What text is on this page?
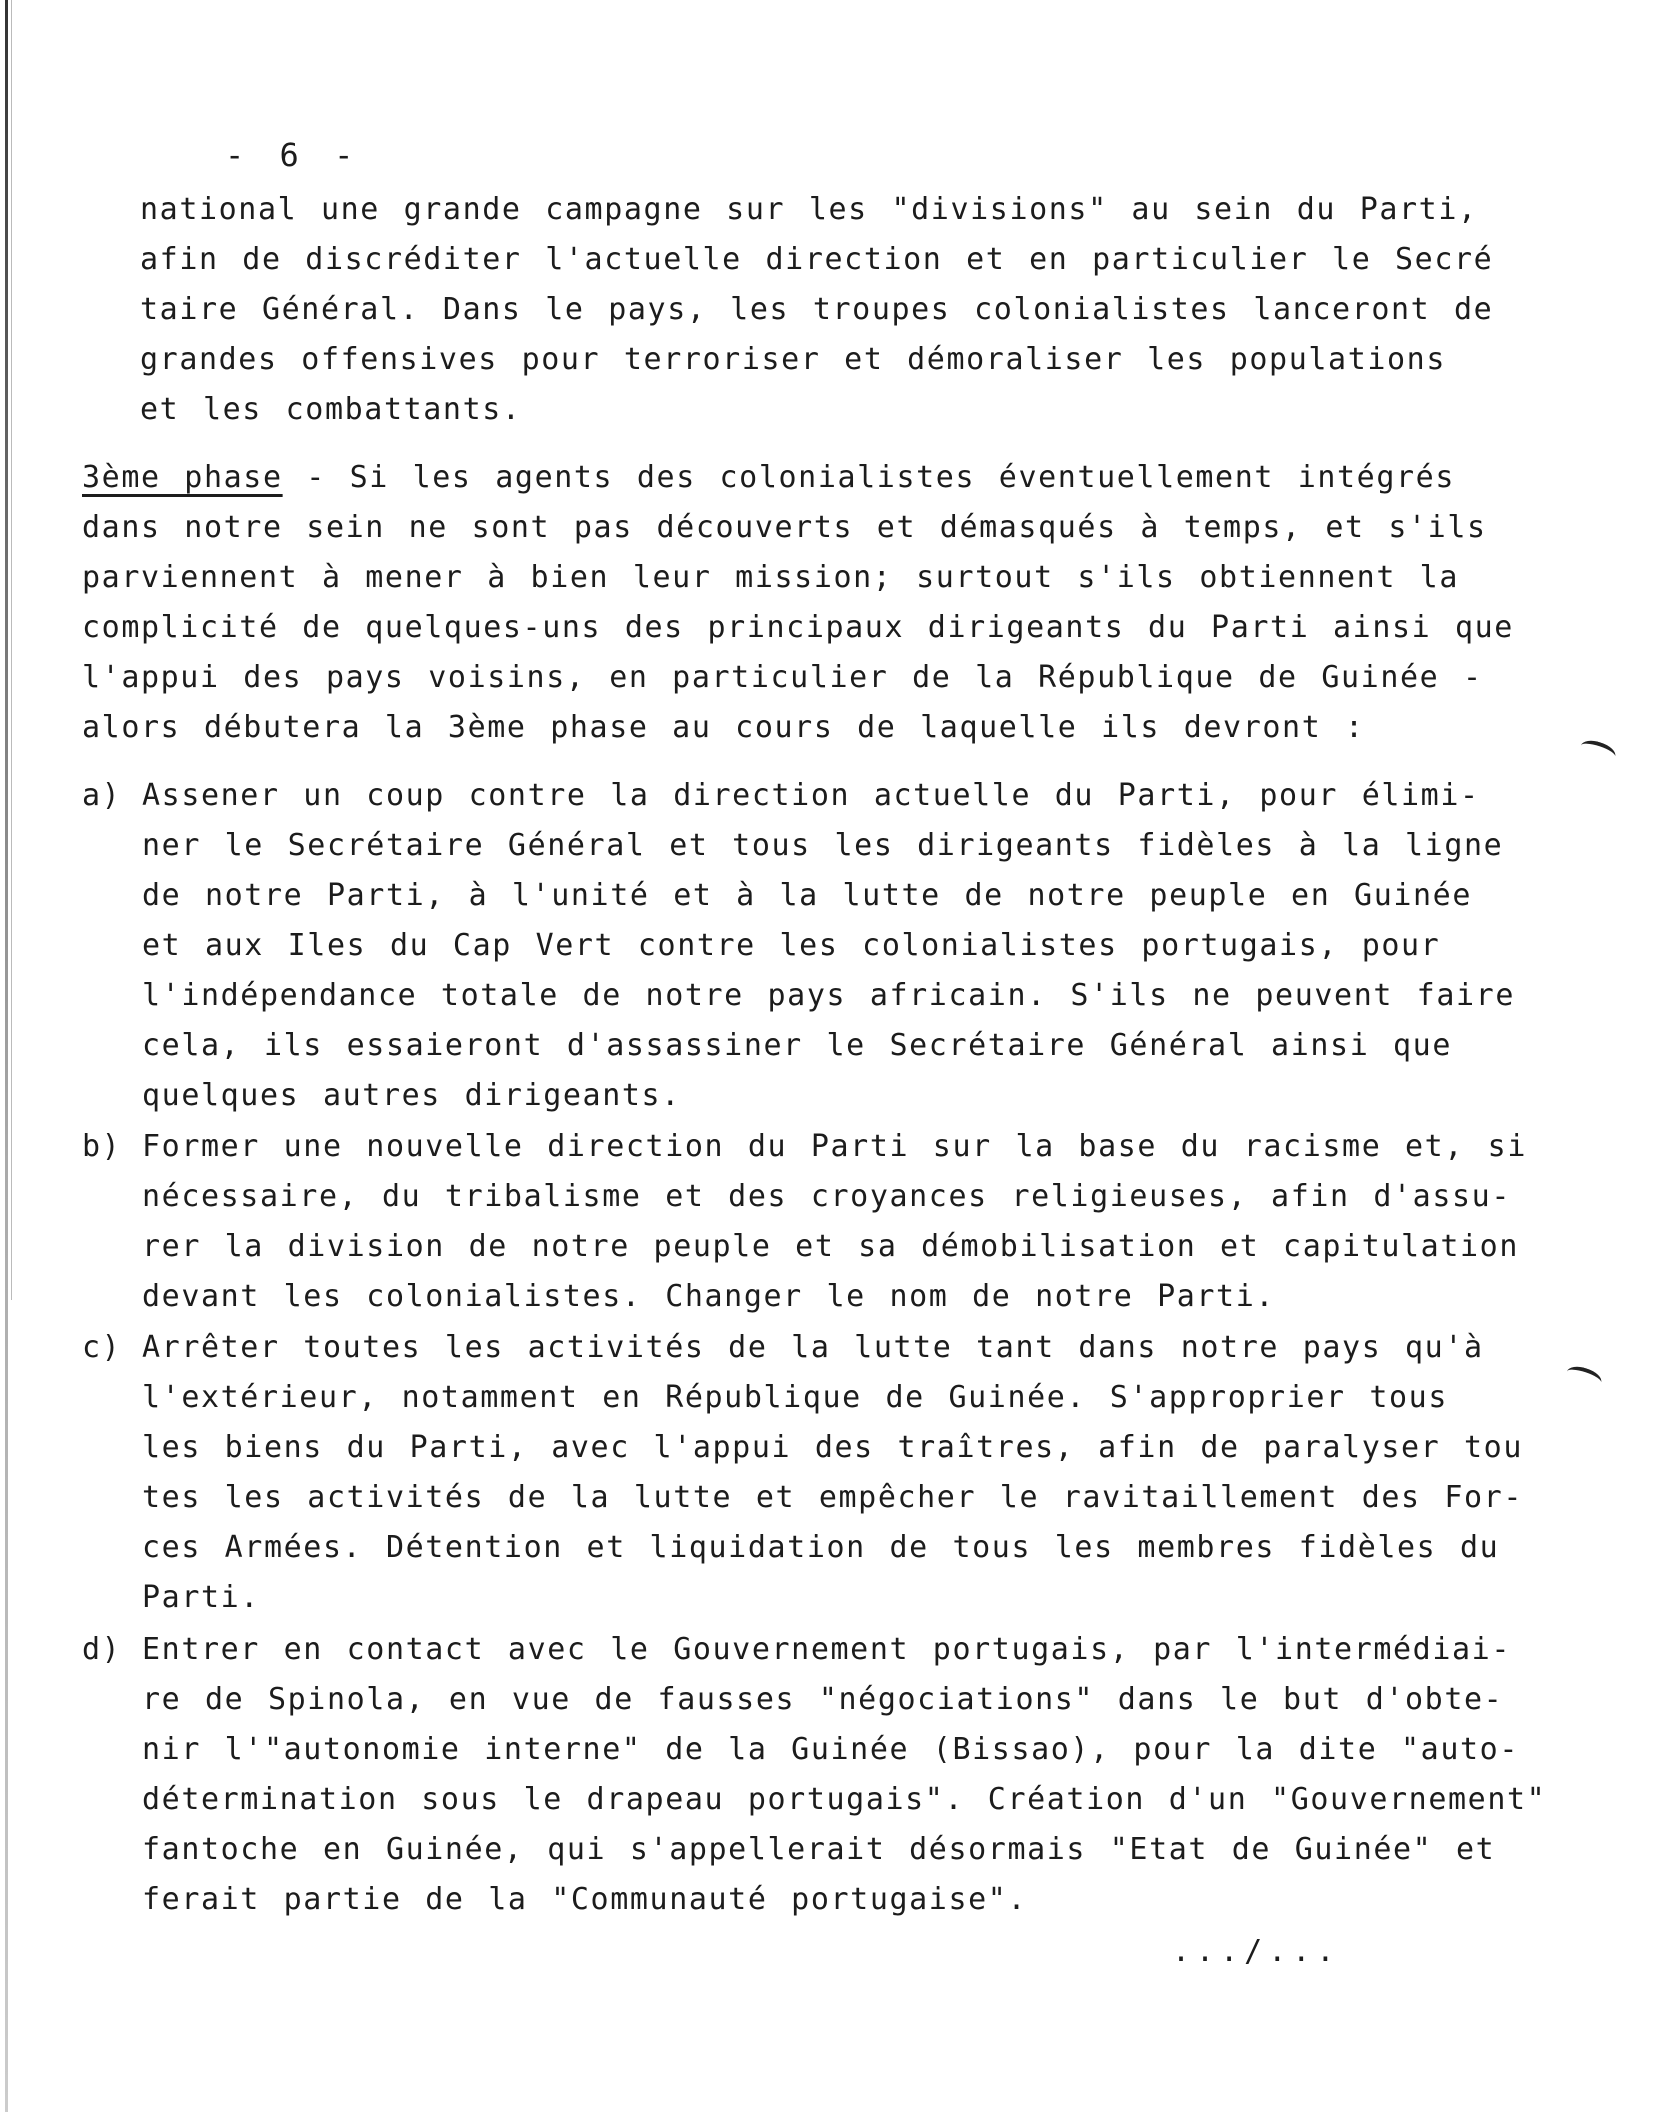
- 6 -
national une grande campagne sur les "divisions" au sein du Parti,
afin de discréditer l'actuelle direction et en particulier le Secré
taire Général. Dans le pays, les troupes colonialistes lanceront de
grandes offensives pour terroriser et démoraliser les populations
et les combattants.
3ème phase - Si les agents des colonialistes éventuellement intégrés
dans notre sein ne sont pas découverts et démasqués à temps, et s'ils
parviennent à mener à bien leur mission; surtout s'ils obtiennent la
complicité de quelques-uns des principaux dirigeants du Parti ainsi que
l'appui des pays voisins, en particulier de la République de Guinée -
alors débutera la 3ème phase au cours de laquelle ils devront :
a) Assener un coup contre la direction actuelle du Parti, pour élimi-
ner le Secrétaire Général et tous les dirigeants fidèles à la ligne
de notre Parti, à l'unité et à la lutte de notre peuple en Guinée
et aux Iles du Cap Vert contre les colonialistes portugais, pour
l'indépendance totale de notre pays africain. S'ils ne peuvent faire
cela, ils essaieront d'assassiner le Secrétaire Général ainsi que
quelques autres dirigeants.
b) Former une nouvelle direction du Parti sur la base du racisme et, si
nécessaire, du tribalisme et des croyances religieuses, afin d'assu-
rer la division de notre peuple et sa démobilisation et capitulation
devant les colonialistes. Changer le nom de notre Parti.
c) Arrêter toutes les activités de la lutte tant dans notre pays qu'à
l'extérieur, notamment en République de Guinée. S'approprier tous
les biens du Parti, avec l'appui des traîtres, afin de paralyser tou
tes les activités de la lutte et empêcher le ravitaillement des For-
ces Armées. Détention et liquidation de tous les membres fidèles du
Parti.
d) Entrer en contact avec le Gouvernement portugais, par l'intermédiai-
re de Spinola, en vue de fausses "négociations" dans le but d'obte-
nir l'"autonomie interne" de la Guinée (Bissao), pour la dite "auto-
détermination sous le drapeau portugais". Création d'un "Gouvernement"
fantoche en Guinée, qui s'appellerait désormais "Etat de Guinée" et
ferait partie de la "Communauté portugaise".
.../...
